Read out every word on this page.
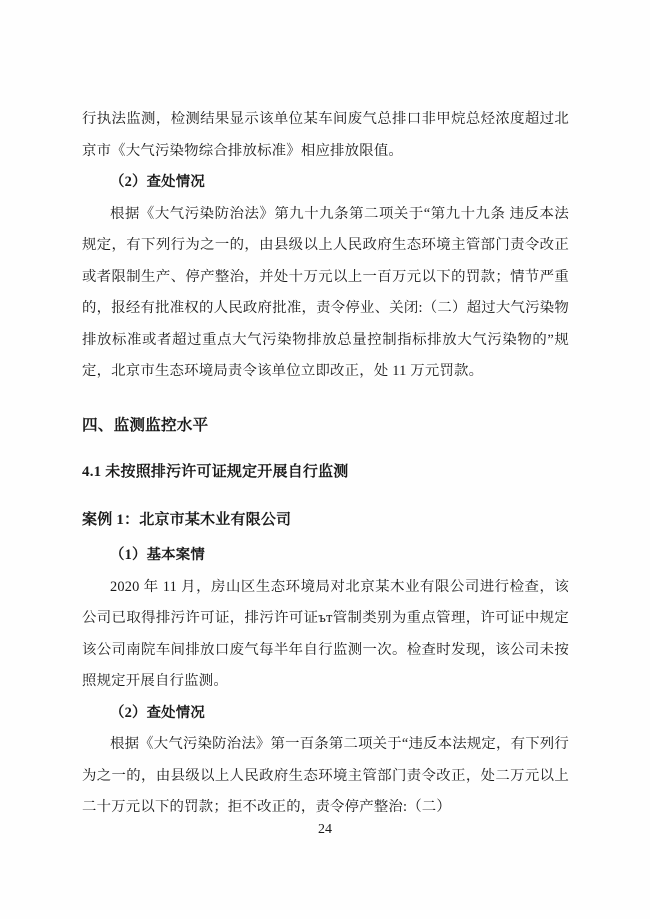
行执法监测，检测结果显示该单位某车间废气总排口非甲烷总烃浓度超过北京市《大气污染物综合排放标准》相应排放限值。

（2）查处情况

根据《大气污染防治法》第九十九条第二项关于“第九十九条 违反本法规定，有下列行为之一的，由县级以上人民政府生态环境主管部门责令改正或者限制生产、停产整治，并处十万元以上一百万元以下的罚款；情节严重的，报经有批准权的人民政府批准，责令停业、关闭:（二）超过大气污染物排放标准或者超过重点大气污染物排放总量控制指标排放大气污染物的”规定，北京市生态环境局责令该单位立即改正，处 11 万元罚款。

四、监测监控水平

4.1 未按照排污许可证规定开展自行监测

案例 1：北京市某木业有限公司

（1）基本案情

2020 年 11 月，房山区生态环境局对北京某木业有限公司进行检查，该公司已取得排污许可证，排污许可证ът管制类别为重点管理，许可证中规定该公司南院车间排放口废气每半年自行监测一次。检查时发现，该公司未按照规定开展自行监测。

（2）查处情况

根据《大气污染防治法》第一百条第二项关于“违反本法规定，有下列行为之一的，由县级以上人民政府生态环境主管部门责令改正，处二万元以上二十万元以下的罚款；拒不改正的，责令停产整治:（二）

24
